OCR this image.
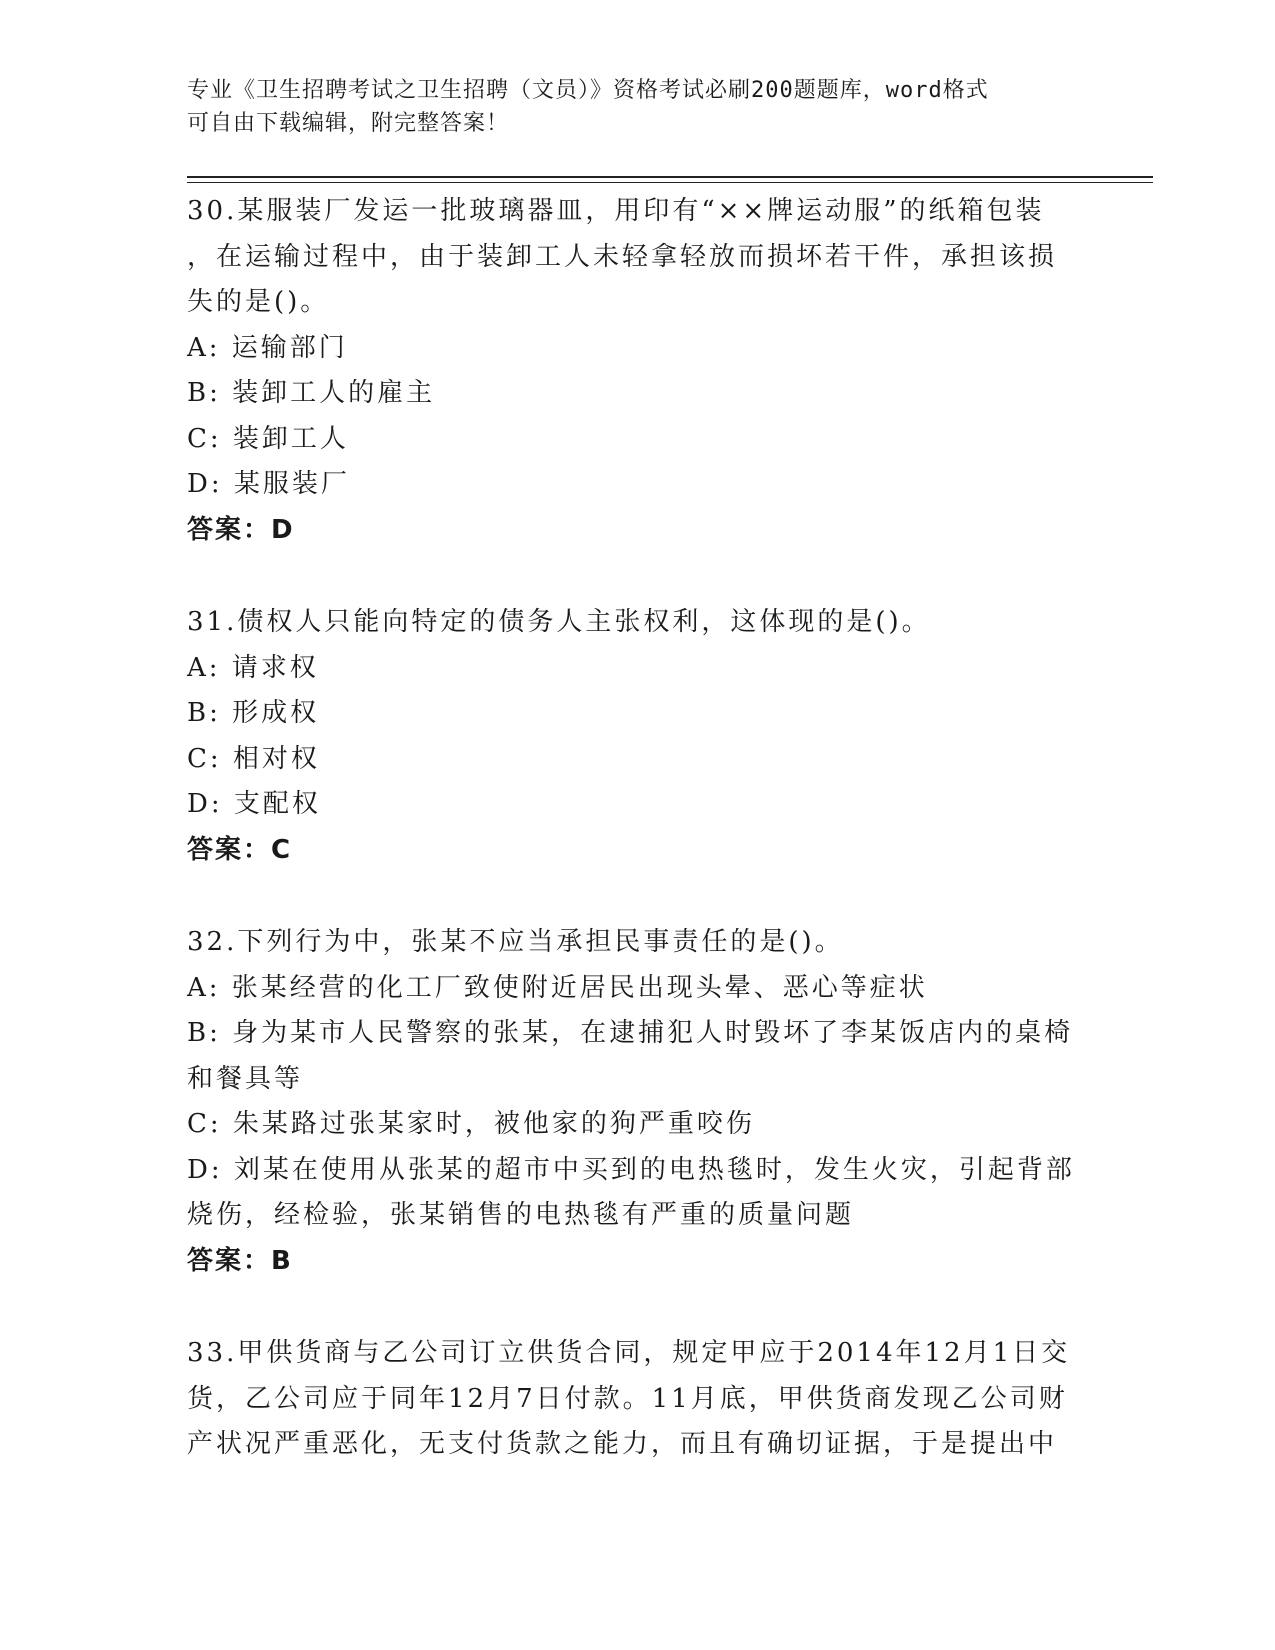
专业《卫生招聘考试之卫生招聘（文员）》资格考试必刷200题题库，word格式
可自由下载编辑，附完整答案！
30.某服装厂发运一批玻璃器皿，用印有“××牌运动服”的纸箱包装
，在运输过程中，由于装卸工人未轻拿轻放而损坏若干件，承担该损
失的是()。
A: 运输部门
B: 装卸工人的雇主
C: 装卸工人
D: 某服装厂
答案：D
31.债权人只能向特定的债务人主张权利，这体现的是()。
A: 请求权
B: 形成权
C: 相对权
D: 支配权
答案：C
32.下列行为中，张某不应当承担民事责任的是()。
A: 张某经营的化工厂致使附近居民出现头晕、恶心等症状
B: 身为某市人民警察的张某，在逮捕犯人时毁坏了李某饭店内的桌椅
和餐具等
C: 朱某路过张某家时，被他家的狗严重咬伤
D: 刘某在使用从张某的超市中买到的电热毯时，发生火灾，引起背部
烧伤，经检验，张某销售的电热毯有严重的质量问题
答案：B
33.甲供货商与乙公司订立供货合同，规定甲应于2014年12月1日交
货，乙公司应于同年12月7日付款。11月底，甲供货商发现乙公司财
产状况严重恶化，无支付货款之能力，而且有确切证据，于是提出中
